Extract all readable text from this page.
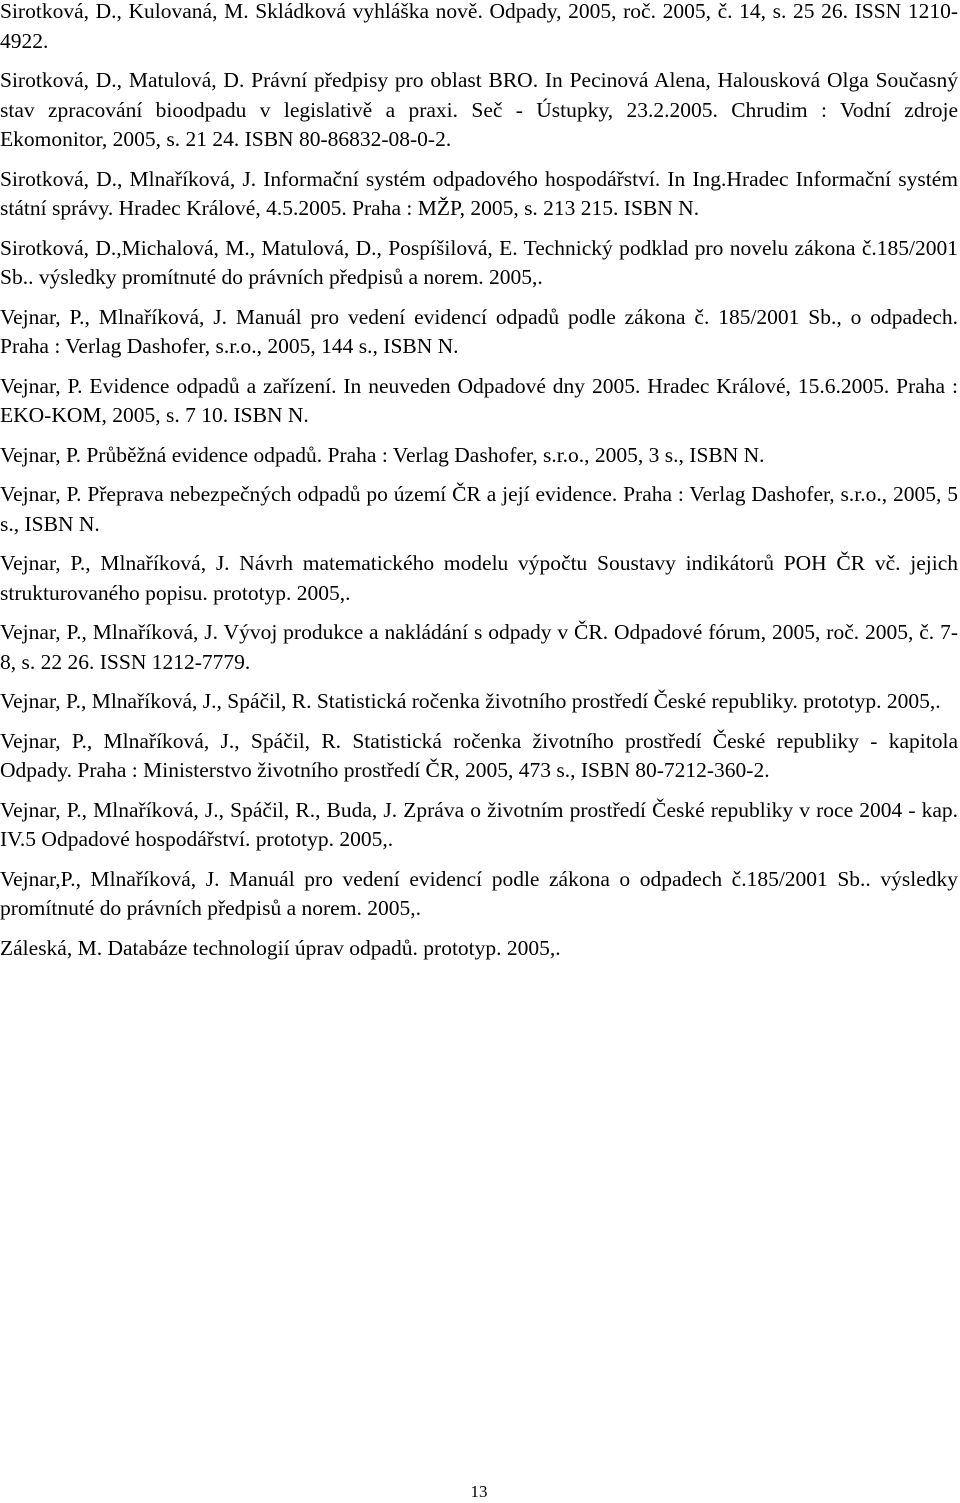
Sirotková, D., Kulovaná, M. Skládková vyhláška nově. Odpady, 2005, roč. 2005, č. 14, s. 25 26. ISSN 1210-4922.

Sirotková, D., Matulová, D. Právní předpisy pro oblast BRO. In Pecinová Alena, Halousková Olga Současný stav zpracování bioodpadu v legislativě a praxi. Seč - Ústupky, 23.2.2005. Chrudim : Vodní zdroje Ekomonitor, 2005, s. 21 24. ISBN 80-86832-08-0-2.

Sirotková, D., Mlnaříková, J. Informační systém odpadového hospodářství. In Ing.Hradec Informační systém státní správy. Hradec Králové, 4.5.2005. Praha : MŽP, 2005, s. 213 215. ISBN N.

Sirotková, D.,Michalová, M., Matulová, D., Pospíšilová, E. Technický podklad pro novelu zákona č.185/2001 Sb.. výsledky promítnuté do právních předpisů a norem. 2005,.

Vejnar, P., Mlnaříková, J. Manuál pro vedení evidencí odpadů podle zákona č. 185/2001 Sb., o odpadech. Praha : Verlag Dashofer, s.r.o., 2005, 144 s., ISBN N.

Vejnar, P. Evidence odpadů a zařízení. In neuveden Odpadové dny 2005. Hradec Králové, 15.6.2005. Praha : EKO-KOM, 2005, s. 7 10. ISBN N.

Vejnar, P. Průběžná evidence odpadů. Praha : Verlag Dashofer, s.r.o., 2005, 3 s., ISBN N.

Vejnar, P. Přeprava nebezpečných odpadů po území ČR a její evidence. Praha : Verlag Dashofer, s.r.o., 2005, 5 s., ISBN N.

Vejnar, P., Mlnaříková, J. Návrh matematického modelu výpočtu Soustavy indikátorů POH ČR vč. jejich strukturovaného popisu. prototyp. 2005,.

Vejnar, P., Mlnaříková, J. Vývoj produkce a nakládání s odpady v ČR. Odpadové fórum, 2005, roč. 2005, č. 7-8, s. 22 26. ISSN 1212-7779.

Vejnar, P., Mlnaříková, J., Spáčil, R. Statistická ročenka životního prostředí České republiky. prototyp. 2005,.

Vejnar, P., Mlnaříková, J., Spáčil, R. Statistická ročenka životního prostředí České republiky - kapitola Odpady. Praha : Ministerstvo životního prostředí ČR, 2005, 473 s., ISBN 80-7212-360-2.

Vejnar, P., Mlnaříková, J., Spáčil, R., Buda, J. Zpráva o životním prostředí České republiky v roce 2004 - kap. IV.5 Odpadové hospodářství. prototyp. 2005,.

Vejnar,P., Mlnaříková, J. Manuál pro vedení evidencí podle zákona o odpadech č.185/2001 Sb.. výsledky promítnuté do právních předpisů a norem. 2005,.

Záleská, M. Databáze technologií úprav odpadů. prototyp. 2005,.

13
